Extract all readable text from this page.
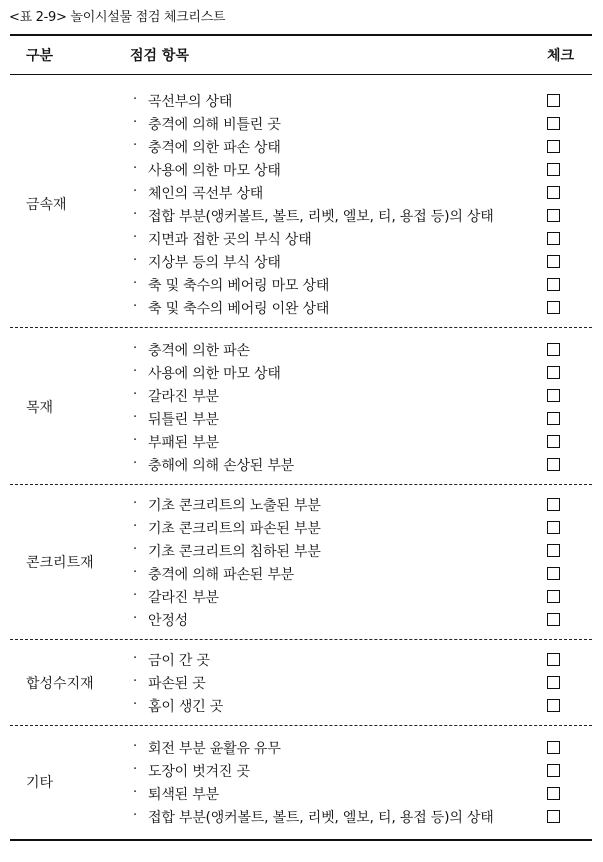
<표 2-9> 놀이시설물 점검 체크리스트
구분	점검 항목	체크
금속재
· 곡선부의 상태
· 충격에 의해 비틀린 곳
· 충격에 의한 파손 상태
· 사용에 의한 마모 상태
· 체인의 곡선부 상태
· 접합 부분(앵커볼트, 볼트, 리벳, 엘보, 티, 용접 등)의 상태
· 지면과 접한 곳의 부식 상태
· 지상부 등의 부식 상태
· 축 및 축수의 베어링 마모 상태
· 축 및 축수의 베어링 이완 상태
목재
· 충격에 의한 파손
· 사용에 의한 마모 상태
· 갈라진 부분
· 뒤틀린 부분
· 부패된 부분
· 충해에 의해 손상된 부분
콘크리트재
· 기초 콘크리트의 노출된 부분
· 기초 콘크리트의 파손된 부분
· 기초 콘크리트의 침하된 부분
· 충격에 의해 파손된 부분
· 갈라진 부분
· 안정성
합성수지재
· 금이 간 곳
· 파손된 곳
· 홈이 생긴 곳
기타
· 회전 부분 윤활유 유무
· 도장이 벗겨진 곳
· 퇴색된 부분
· 접합 부분(앵커볼트, 볼트, 리벳, 엘보, 티, 용접 등)의 상태
